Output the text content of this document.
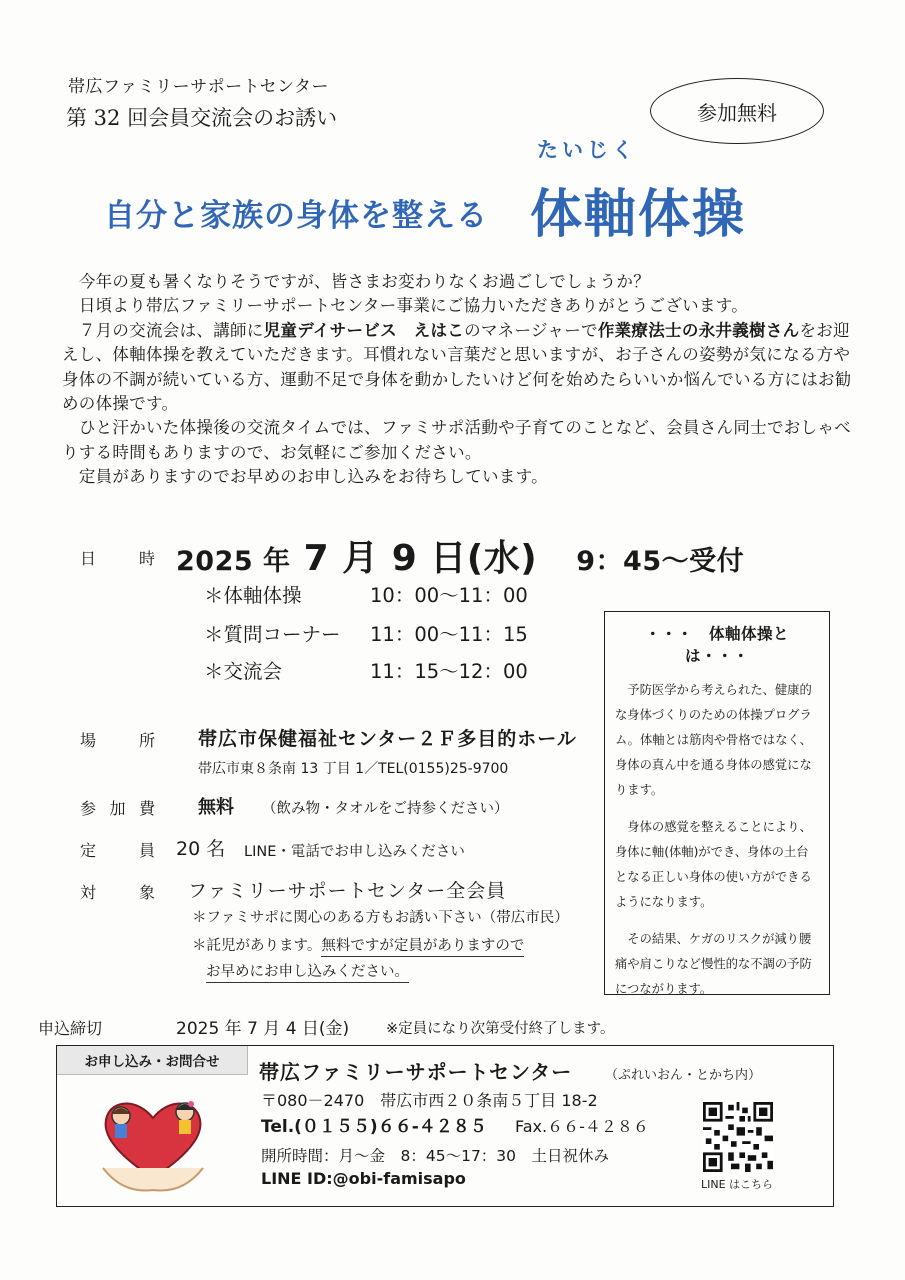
帯広ファミリーサポートセンター
第 32 回会員交流会のお誘い	参加無料
たいじく
自分と家族の身体を整える 体軸体操

　今年の夏も暑くなりそうですが、皆さまお変わりなくお過ごしでしょうか？

　日頃より帯広ファミリーサポートセンター事業にご協力いただきありがとうございます。

　７月の交流会は、講師に児童デイサービス　えはこのマネージャーで作業療法士の永井義樹さんをお迎えし、体軸体操を教えていただきます。耳慣れない言葉だと思いますが、お子さんの姿勢が気になる方や身体の不調が続いている方、運動不足で身体を動かしたいけど何を始めたらいいか悩んでいる方にはお勧めの体操です。

　ひと汗かいた体操後の交流タイムでは、ファミサポ活動や子育てのことなど、会員さん同士でおしゃべりする時間もありますので、お気軽にご参加ください。

　定員がありますのでお早めのお申し込みをお待ちしています。

日	時 2025 年 7 月 9 日(水) 9：45～受付
＊体軸体操	10：00～11：00
＊質問コーナー 11：00～11：15
＊交流会	11：15～12：00
場	所 帯広市保健福祉センター２Ｆ多目的ホール
帯広市東８条南 13 丁目 1／TEL(0155)25-9700
参 加 費 無料 （飲み物・タオルをご持参ください）
定	員 20 名 LINE・電話でお申し込みください
対	象 ファミリーサポートセンター全会員
＊ファミサポに関心のある方もお誘い下さい（帯広市民）
＊託児があります。無料ですが定員がありますので
お早めにお申し込みください。
・・・　体軸体操とは・・・

予防医学から考えられた、健康的な身体づくりのための体操プログラム。体軸とは筋肉や骨格ではなく、身体の真ん中を通る身体の感覚になります。

身体の感覚を整えることにより、身体に軸(体軸)ができ、身体の土台となる正しい身体の使い方ができるようになります。

その結果、ケガのリスクが減り腰痛や肩こりなど慢性的な不調の予防につながります。

申込締切	2025 年 7 月 4 日(金)	※定員になり次第受付終了します。
お申し込み・お問合せ	帯広ファミリーサポートセンター	（ぷれいおん・とかち内）
〒080－2470　帯広市西２０条南５丁目 18-2
Tel.(０１５５)６６-４２８５ Fax.６６-４２８６
開所時間：月～金　8：45～17：30　土日祝休み
LINE ID:@obi-famisapo	LINE はこちら
